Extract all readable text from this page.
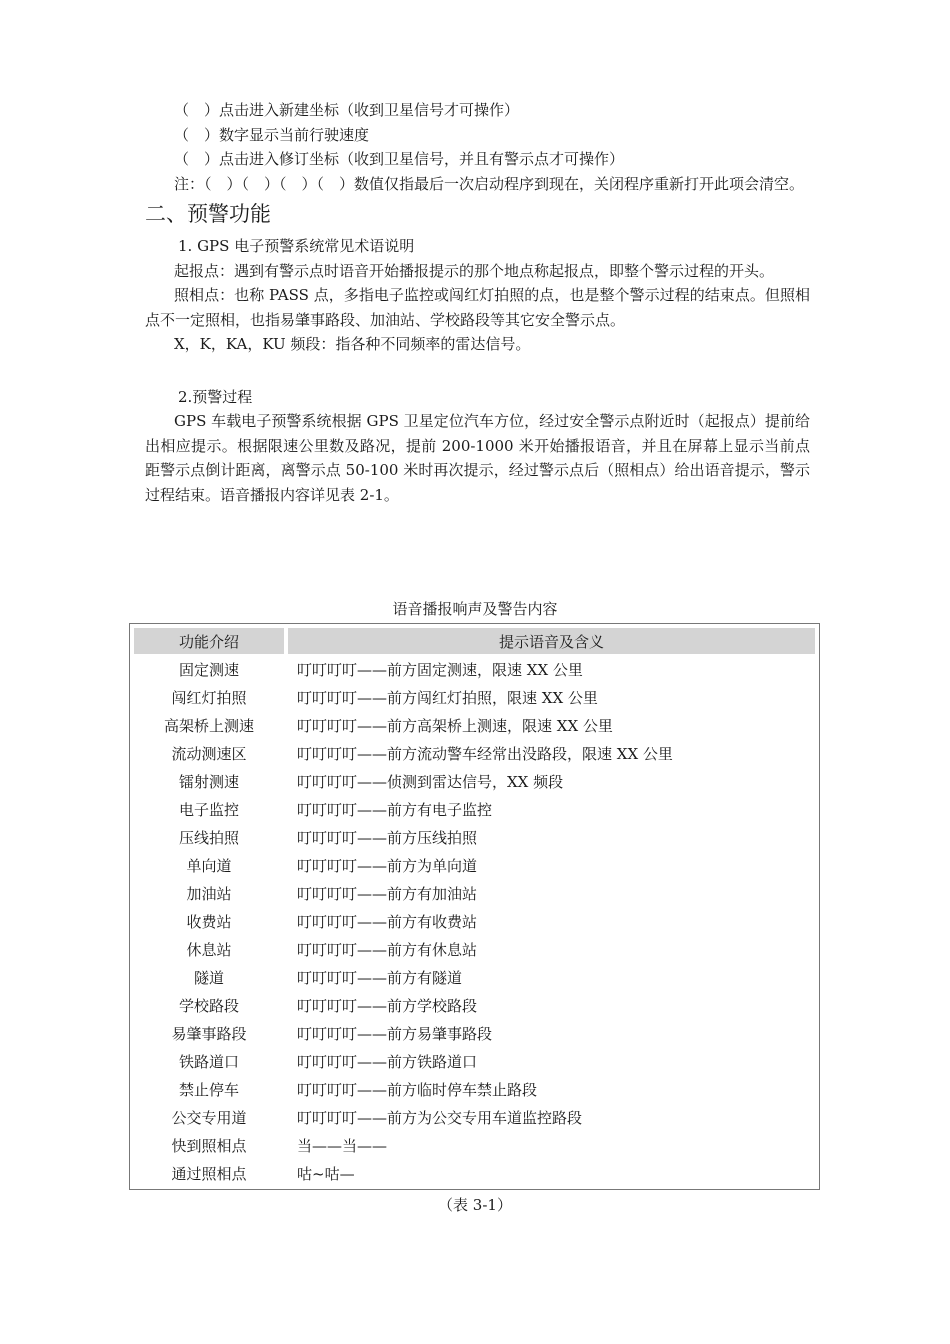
（　）点击进入新建坐标（收到卫星信号才可操作）

（　）数字显示当前行驶速度

（　）点击进入修订坐标（收到卫星信号，并且有警示点才可操作）

注：（　）（　）（　）（　）数值仅指最后一次启动程序到现在，关闭程序重新打开此项会清空。

二、预警功能

1. GPS 电子预警系统常见术语说明

起报点：遇到有警示点时语音开始播报提示的那个地点称起报点，即整个警示过程的开头。

照相点：也称 PASS 点，多指电子监控或闯红灯拍照的点，也是整个警示过程的结束点。但照相点不一定照相，也指易肇事路段、加油站、学校路段等其它安全警示点。

X，K，KA，KU 频段：指各种不同频率的雷达信号。

2.预警过程

GPS 车载电子预警系统根据 GPS 卫星定位汽车方位，经过安全警示点附近时（起报点）提前给出相应提示。根据限速公里数及路况，提前 200-1000 米开始播报语音，并且在屏幕上显示当前点距警示点倒计距离，离警示点 50-100 米时再次提示，经过警示点后（照相点）给出语音提示，警示过程结束。语音播报内容详见表 2-1。

语音播报响声及警告内容
功能介绍	提示语音及含义
固定测速	叮叮叮叮——前方固定测速，限速 XX 公里
闯红灯拍照	叮叮叮叮——前方闯红灯拍照，限速 XX 公里
高架桥上测速	叮叮叮叮——前方高架桥上测速，限速 XX 公里
流动测速区	叮叮叮叮——前方流动警车经常出没路段，限速 XX 公里
镭射测速	叮叮叮叮——侦测到雷达信号，XX 频段
电子监控	叮叮叮叮——前方有电子监控
压线拍照	叮叮叮叮——前方压线拍照
单向道	叮叮叮叮——前方为单向道
加油站	叮叮叮叮——前方有加油站
收费站	叮叮叮叮——前方有收费站
休息站	叮叮叮叮——前方有休息站
隧道	叮叮叮叮——前方有隧道
学校路段	叮叮叮叮——前方学校路段
易肇事路段	叮叮叮叮——前方易肇事路段
铁路道口	叮叮叮叮——前方铁路道口
禁止停车	叮叮叮叮——前方临时停车禁止路段
公交专用道	叮叮叮叮——前方为公交专用车道监控路段
快到照相点	当——当——
通过照相点	咕~咕—
（表 3-1）
